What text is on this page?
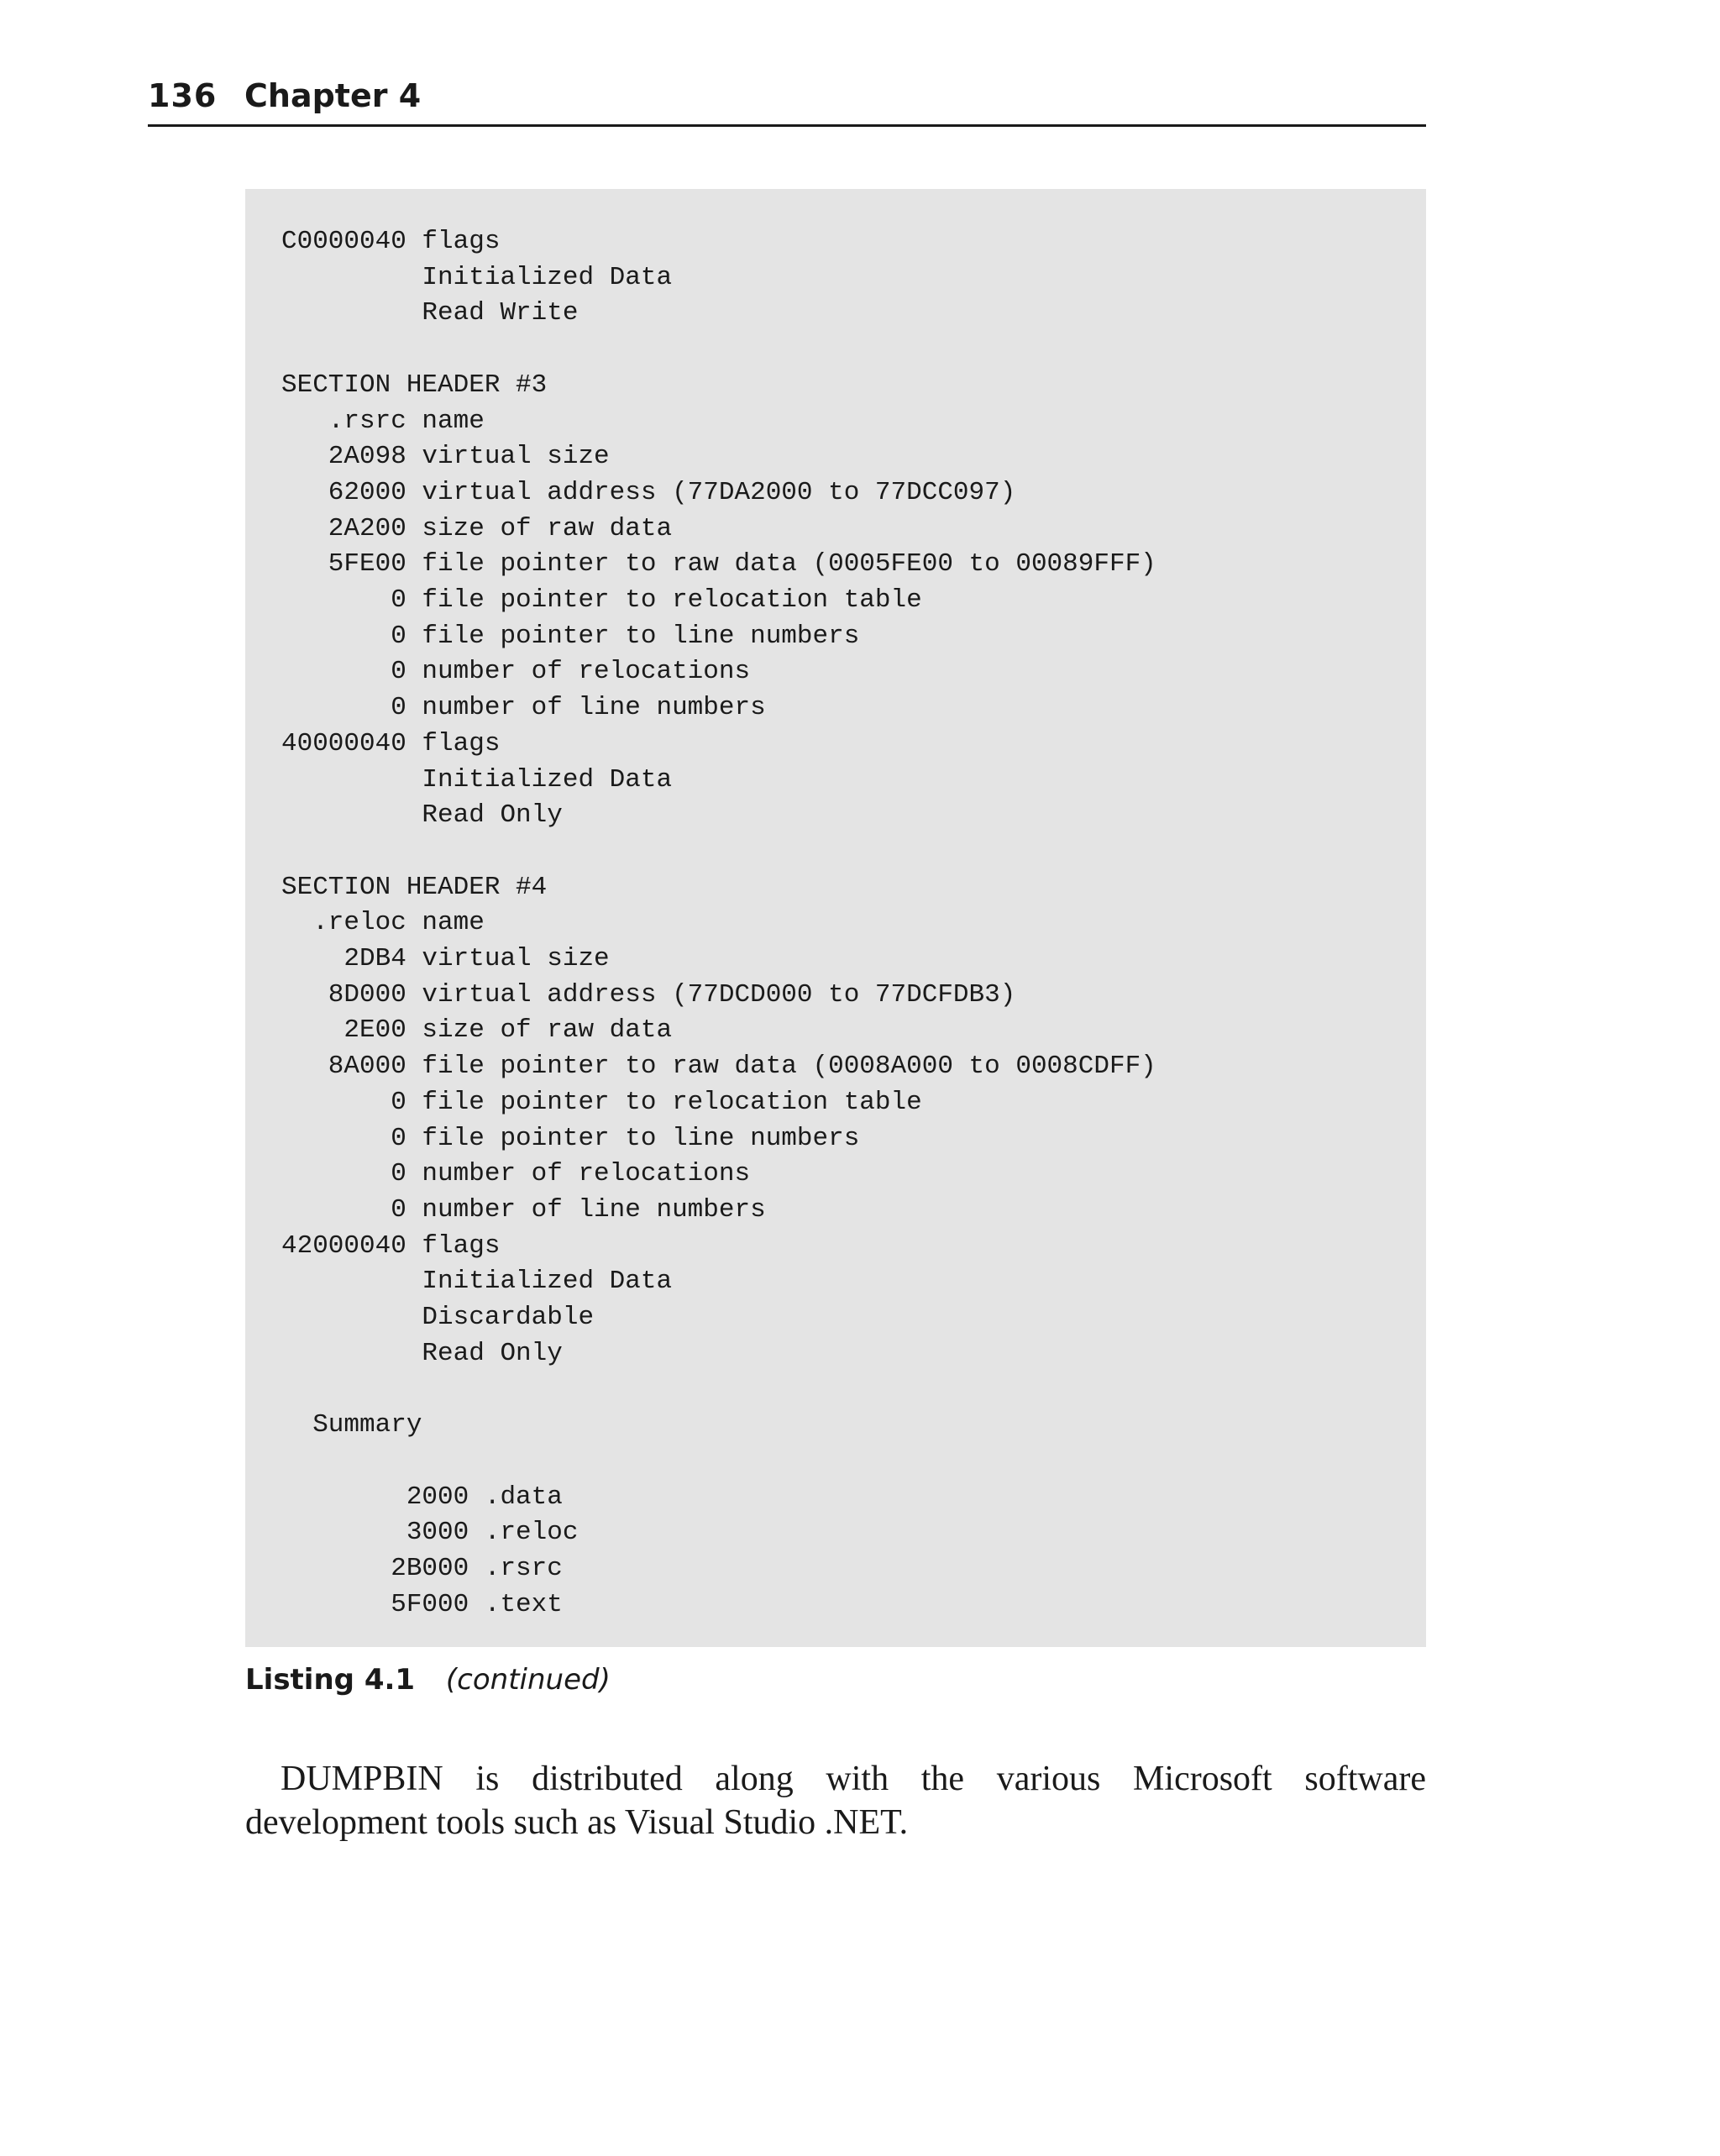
136 Chapter 4
C0000040 flags
Initialized Data
Read Write

SECTION HEADER #3
.rsrc name
2A098 virtual size
62000 virtual address (77DA2000 to 77DCC097)
2A200 size of raw data
5FE00 file pointer to raw data (0005FE00 to 00089FFF)
0 file pointer to relocation table
0 file pointer to line numbers
0 number of relocations
0 number of line numbers
40000040 flags
Initialized Data
Read Only

SECTION HEADER #4
.reloc name
2DB4 virtual size
8D000 virtual address (77DCD000 to 77DCFDB3)
2E00 size of raw data
8A000 file pointer to raw data (0008A000 to 0008CDFF)
0 file pointer to relocation table
0 file pointer to line numbers
0 number of relocations
0 number of line numbers
42000040 flags
Initialized Data
Discardable
Read Only

Summary

2000 .data
3000 .reloc
2B000 .rsrc
5F000 .text
Listing 4.1 (continued)

DUMPBIN is distributed along with the various Microsoft software development tools such as Visual Studio .NET.
